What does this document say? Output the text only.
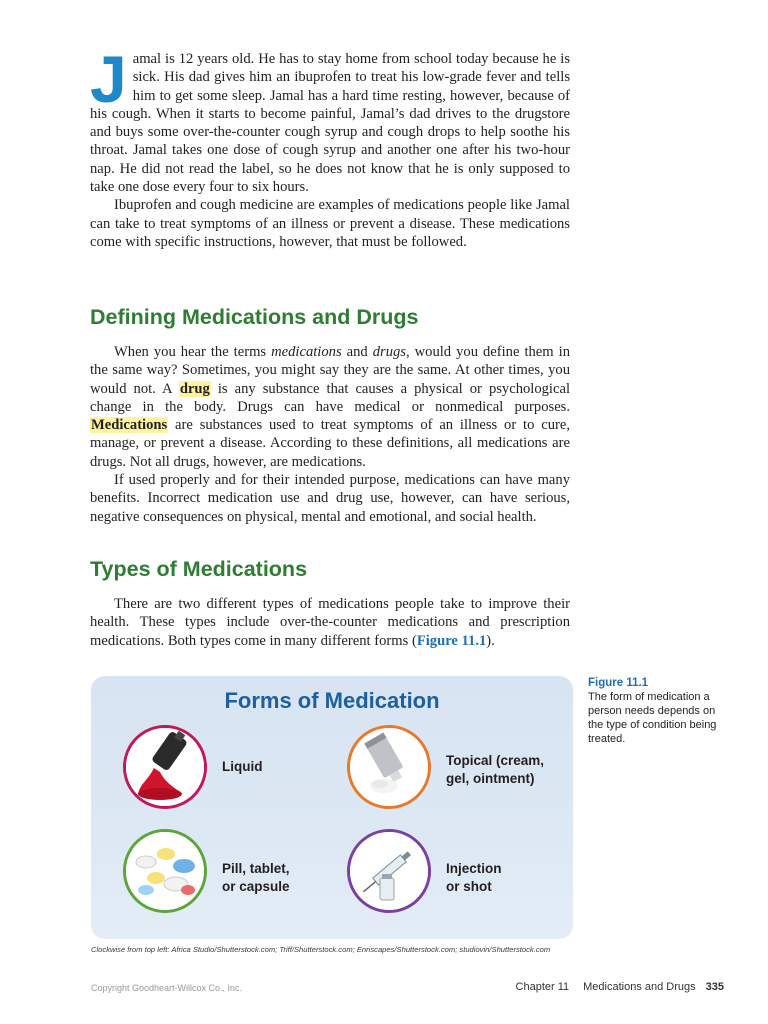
Jamal is 12 years old. He has to stay home from school today because he is sick. His dad gives him an ibuprofen to treat his low-grade fever and tells him to get some sleep. Jamal has a hard time resting, however, because of his cough. When it starts to become painful, Jamal’s dad drives to the drugstore and buys some over-the-counter cough syrup and cough drops to help soothe his throat. Jamal takes one dose of cough syrup and another one after his two-hour nap. He did not read the label, so he does not know that he is only supposed to take one dose every four to six hours.

Ibuprofen and cough medicine are examples of medications people like Jamal can take to treat symptoms of an illness or prevent a disease. These medications come with specific instructions, however, that must be followed.

Defining Medications and Drugs

When you hear the terms medications and drugs, would you define them in the same way? Sometimes, you might say they are the same. At other times, you would not. A drug is any substance that causes a physical or psychological change in the body. Drugs can have medical or nonmedical purposes. Medications are substances used to treat symptoms of an illness or to cure, manage, or prevent a disease. According to these definitions, all medications are drugs. Not all drugs, however, are medications.

If used properly and for their intended purpose, medications can have many benefits. Incorrect medication use and drug use, however, can have serious, negative consequences on physical, mental and emotional, and social health.

Types of Medications

There are two different types of medications people take to improve their health. These types include over-the-counter medications and prescription medications. Both types come in many different forms (Figure 11.1).

Forms of Medication
Liquid	Topical (cream,
gel, ointment)
Pill, tablet,
or capsule
Injection
or shot
Figure 11.1
The form of medication a person needs depends on the type of condition being treated.
Clockwise from top left: Africa Studio/Shutterstock.com; Triff/Shutterstock.com; Enriscapes/Shutterstock.com; studiovin/Shutterstock.com
Copyright Goodheart-Willcox Co., Inc.	Chapter 11 Medications and Drugs 335
